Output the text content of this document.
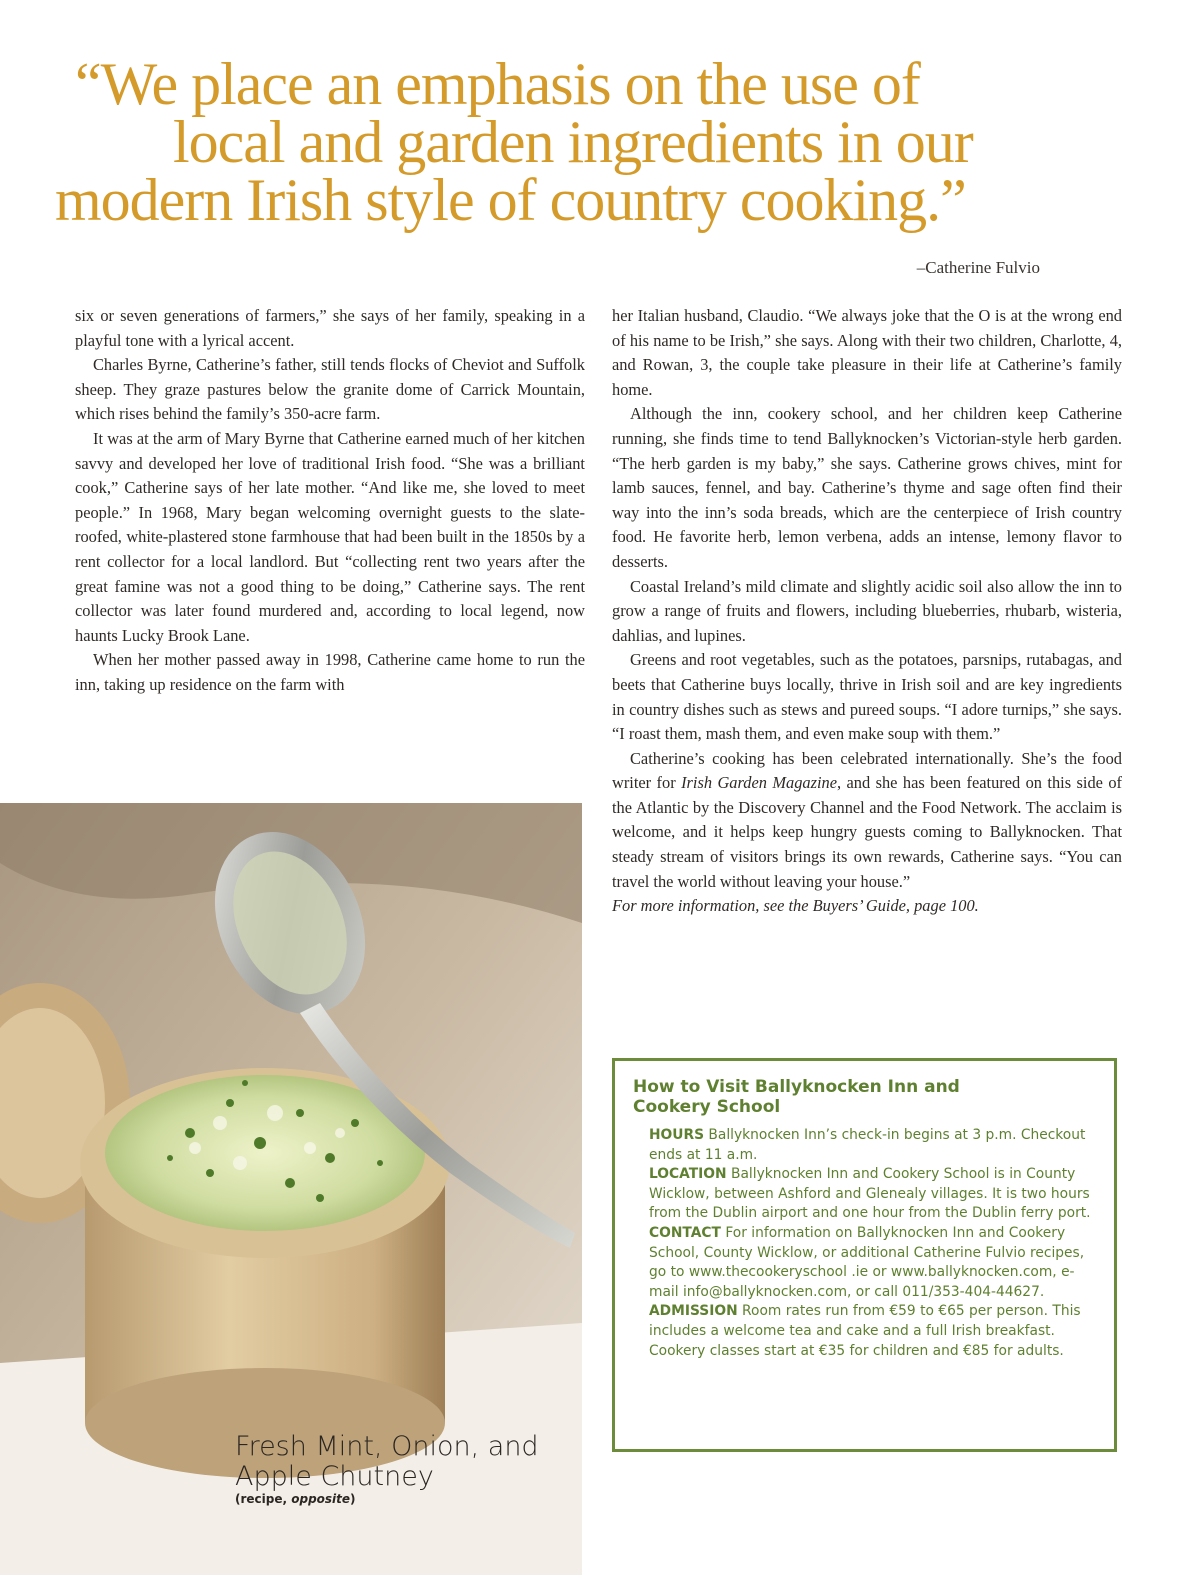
“We place an emphasis on the use of
local and garden ingredients in our
modern Irish style of country cooking.”
–Catherine Fulvio

six or seven generations of farmers,” she says of her family, speaking in a playful tone with a lyrical accent.

Charles Byrne, Catherine’s father, still tends flocks of Cheviot and Suffolk sheep. They graze pastures below the granite dome of Carrick Mountain, which rises behind the family’s 350-acre farm.

It was at the arm of Mary Byrne that Catherine earned much of her kitchen savvy and developed her love of traditional Irish food. “She was a brilliant cook,” Catherine says of her late mother. “And like me, she loved to meet people.” In 1968, Mary began welcoming overnight guests to the slate-roofed, white-plastered stone farmhouse that had been built in the 1850s by a rent collector for a local landlord. But “collecting rent two years after the great famine was not a good thing to be doing,” Catherine says. The rent collector was later found murdered and, according to local legend, now haunts Lucky Brook Lane.

When her mother passed away in 1998, Catherine came home to run the inn, taking up residence on the farm with

her Italian husband, Claudio. “We always joke that the O is at the wrong end of his name to be Irish,” she says. Along with their two children, Charlotte, 4, and Rowan, 3, the couple take pleasure in their life at Catherine’s family home.

Although the inn, cookery school, and her children keep Catherine running, she finds time to tend Ballyknocken’s Victorian-style herb garden. “The herb garden is my baby,” she says. Catherine grows chives, mint for lamb sauces, fennel, and bay. Catherine’s thyme and sage often find their way into the inn’s soda breads, which are the centerpiece of Irish country food. He favorite herb, lemon verbena, adds an intense, lemony flavor to desserts.

Coastal Ireland’s mild climate and slightly acidic soil also allow the inn to grow a range of fruits and flowers, including blueberries, rhubarb, wisteria, dahlias, and lupines.

Greens and root vegetables, such as the potatoes, parsnips, rutabagas, and beets that Catherine buys locally, thrive in Irish soil and are key ingredients in country dishes such as stews and pureed soups. “I adore turnips,” she says. “I roast them, mash them, and even make soup with them.”

Catherine’s cooking has been celebrated internationally. She’s the food writer for Irish Garden Magazine, and she has been featured on this side of the Atlantic by the Discovery Channel and the Food Network. The acclaim is welcome, and it helps keep hungry guests coming to Ballyknocken. That steady stream of visitors brings its own rewards, Catherine says. “You can travel the world without leaving your house.”

For more information, see the Buyers’ Guide, page 100.

Fresh Mint, Onion, and
Apple Chutney
(recipe, opposite)
How to Visit Ballyknocken Inn and Cookery School

HOURS Ballyknocken Inn’s check-in begins at 3 p.m. Checkout ends at 11 a.m.

LOCATION Ballyknocken Inn and Cookery School is in County Wicklow, between Ashford and Glenealy villages. It is two hours from the Dublin airport and one hour from the Dublin ferry port.

CONTACT For information on Ballyknocken Inn and Cookery School, County Wicklow, or additional Catherine Fulvio recipes, go to www.thecookeryschool .ie or www.ballyknocken.com, e-mail info@ballyknocken.com, or call 011/353-404-44627.

ADMISSION Room rates run from €59 to €65 per person. This includes a welcome tea and cake and a full Irish breakfast. Cookery classes start at €35 for children and €85 for adults.
